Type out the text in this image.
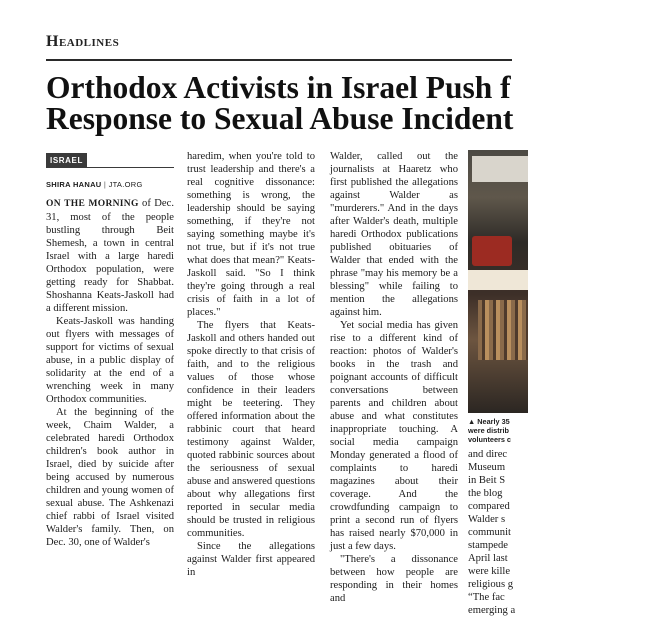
Headlines
Orthodox Activists in Israel Push f
Response to Sexual Abuse Incident
ISRAEL
SHIRA HANAU | JTA.ORG

ON THE MORNING of Dec. 31, most of the people bustling through Beit Shemesh, a town in central Israel with a large haredi Orthodox population, were getting ready for Shabbat. Shoshanna Keats-Jaskoll had a different mission.

Keats-Jaskoll was handing out flyers with messages of support for victims of sexual abuse, in a public display of solidarity at the end of a wrenching week in many Orthodox communities.

At the beginning of the week, Chaim Walder, a celebrated haredi Orthodox children's book author in Israel, died by suicide after being accused by numerous children and young women of sexual abuse. The Ashkenazi chief rabbi of Israel visited Walder's family. Then, on Dec. 30, one of Walder's

haredim, when you're told to trust leadership and there's a real cognitive dissonance: something is wrong, the leadership should be saying something, if they're not saying something maybe it's not true, but if it's not true what does that mean?" Keats-Jaskoll said. "So I think they're going through a real crisis of faith in a lot of places."

The flyers that Keats-Jaskoll and others handed out spoke directly to that crisis of faith, and to the religious values of those whose confidence in their leaders might be teetering. They offered information about the rabbinic court that heard testimony against Walder, quoted rabbinic sources about the seriousness of sexual abuse and answered questions about why allegations first reported in secular media should be trusted in religious communities.

Since the allegations against Walder first appeared in

Walder, called out the journalists at Haaretz who first published the allegations against Walder as "murderers." And in the days after Walder's death, multiple haredi Orthodox publications published obituaries of Walder that ended with the phrase "may his memory be a blessing" while failing to mention the allegations against him.

Yet social media has given rise to a different kind of reaction: photos of Walder's books in the trash and poignant accounts of difficult conversations between parents and children about abuse and what constitutes inappropriate touching. A social media campaign Monday generated a flood of complaints to haredi magazines about their coverage. And the crowdfunding campaign to print a second run of flyers has raised nearly $70,000 in just a few days.

"There's a dissonance between how people are responding in their homes and

▲ Nearly 35
were distrib
volunteers c
and direc
Museum
in Beit S
the blog
compared
Walder s
communit
stampede
April last
were kille
religious g
“The fac
emerging a
